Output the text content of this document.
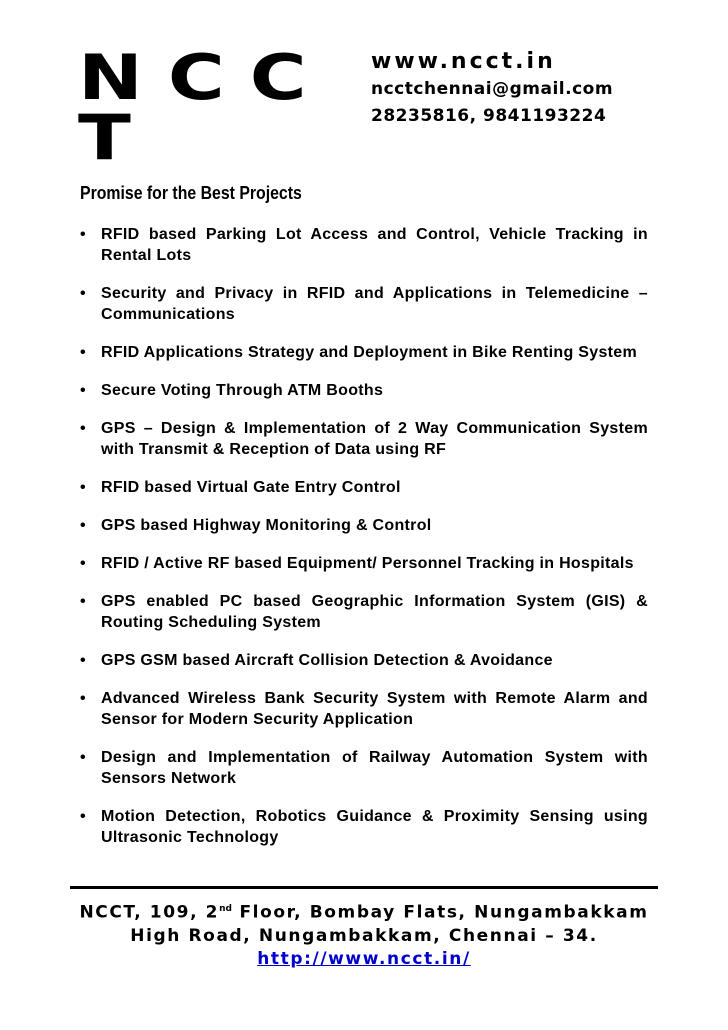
NCC
T
www.ncct.in
ncctchennai@gmail.com
28235816, 9841193224
Promise for the Best Projects
• RFID based Parking Lot Access and Control, Vehicle Tracking in Rental Lots
• Security and Privacy in RFID and Applications in Telemedicine – Communications
• RFID Applications Strategy and Deployment in Bike Renting System
• Secure Voting Through ATM Booths
• GPS – Design & Implementation of 2 Way Communication System with Transmit & Reception of Data using RF
• RFID based Virtual Gate Entry Control
• GPS based Highway Monitoring & Control
• RFID / Active RF based Equipment/ Personnel Tracking in Hospitals
• GPS enabled PC based Geographic Information System (GIS) & Routing Scheduling System
• GPS GSM based Aircraft Collision Detection & Avoidance
• Advanced Wireless Bank Security System with Remote Alarm and Sensor for Modern Security Application
• Design and Implementation of Railway Automation System with Sensors Network
• Motion Detection, Robotics Guidance & Proximity Sensing using Ultrasonic Technology
NCCT, 109, 2nd Floor, Bombay Flats, Nungambakkam
High Road, Nungambakkam, Chennai – 34.
http://www.ncct.in/
